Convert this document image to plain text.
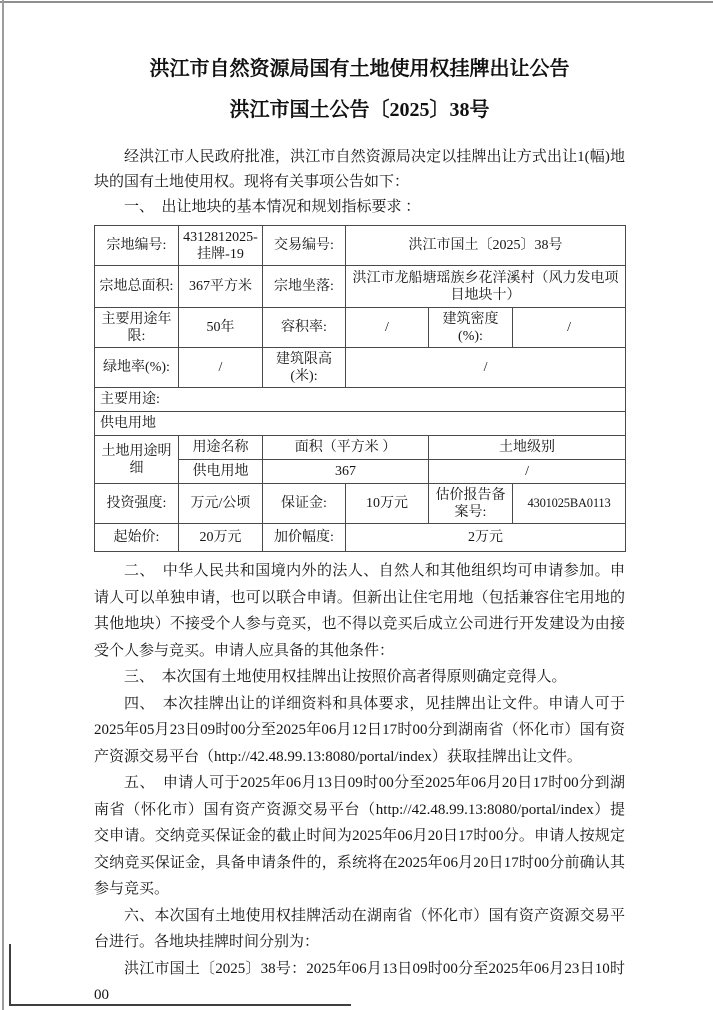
洪江市自然资源局国有土地使用权挂牌出让公告
洪江市国土公告〔2025〕38号

经洪江市人民政府批准，洪江市自然资源局决定以挂牌出让方式出让1(幅)地块的国有土地使用权。现将有关事项公告如下：

一、　出让地块的基本情况和规划指标要求 ：

宗地编号:	4312812025-挂牌-19	交易编号:	洪江市国土〔2025〕38号		
宗地总面积:	367平方米	宗地坐落:	洪江市龙船塘瑶族乡花洋溪村（风力发电项目地块十）		
主要用途年限:	50年	容积率:	/	建筑密度(%):	/
绿地率(%):	/	建筑限高(米):	/		
主要用途:					
供电用地					
土地用途明细	用途名称	面积（平方米 ）		土地级别	
	供电用地	367		/	
投资强度:	万元/公顷	保证金:	10万元	估价报告备案号:	4301025BA0113
起始价:	20万元	加价幅度:	2万元		

二、　中华人民共和国境内外的法人、自然人和其他组织均可申请参加。申请人可以单独申请，也可以联合申请。但新出让住宅用地（包括兼容住宅用地的其他地块）不接受个人参与竞买，也不得以竞买后成立公司进行开发建设为由接受个人参与竞买。申请人应具备的其他条件：

三、　本次国有土地使用权挂牌出让按照价高者得原则确定竞得人。

四、　本次挂牌出让的详细资料和具体要求，见挂牌出让文件。申请人可于2025年05月23日09时00分至2025年06月12日17时00分到湖南省（怀化市）国有资产资源交易平台（http://42.48.99.13:8080/portal/index）获取挂牌出让文件。

五、　申请人可于2025年06月13日09时00分至2025年06月20日17时00分到湖南省（怀化市）国有资产资源交易平台（http://42.48.99.13:8080/portal/index）提交申请。交纳竞买保证金的截止时间为2025年06月20日17时00分。申请人按规定交纳竞买保证金，具备申请条件的，系统将在2025年06月20日17时00分前确认其参与竞买。

六、本次国有土地使用权挂牌活动在湖南省（怀化市）国有资产资源交易平台进行。各地块挂牌时间分别为：

洪江市国土〔2025〕38号：2025年06月13日09时00分至2025年06月23日10时00
